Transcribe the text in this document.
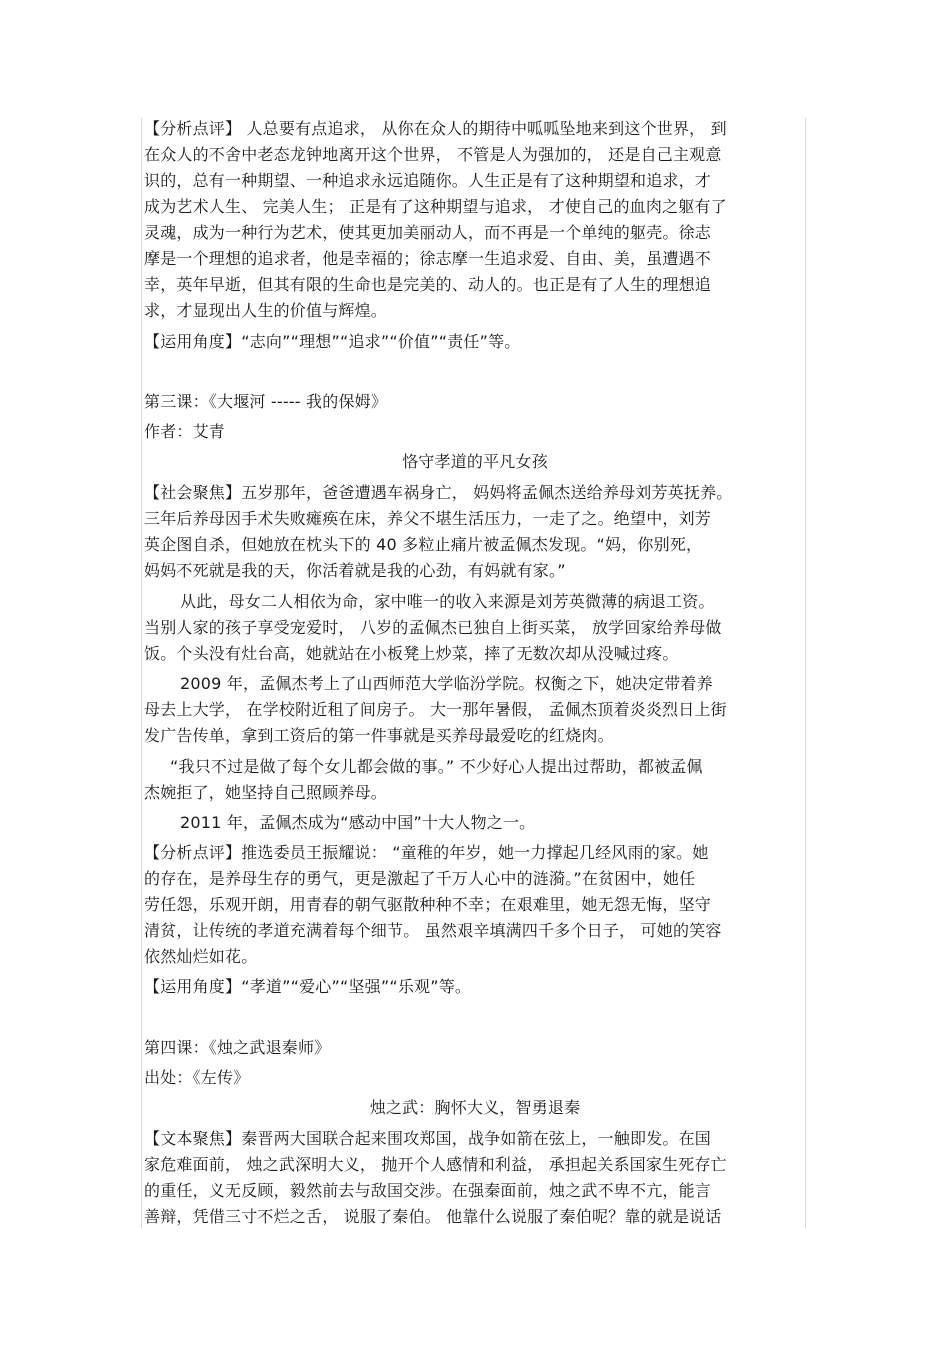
【分析点评】 人总要有点追求， 从你在众人的期待中呱呱坠地来到这个世界， 到
在众人的不舍中老态龙钟地离开这个世界， 不管是人为强加的， 还是自己主观意
识的，总有一种期望、一种追求永远追随你。人生正是有了这种期望和追求，才
成为艺术人生、 完美人生； 正是有了这种期望与追求， 才使自己的血肉之躯有了
灵魂，成为一种行为艺术，使其更加美丽动人，而不再是一个单纯的躯壳。徐志
摩是一个理想的追求者，他是幸福的；徐志摩一生追求爱、自由、美，虽遭遇不
幸，英年早逝，但其有限的生命也是完美的、动人的。也正是有了人生的理想追
求，才显现出人生的价值与辉煌。
【运用角度】“志向”“理想”“追求”“价值”“责任”等。
第三课：《大堰河 ----- 我的保姆》
作者：艾青
恪守孝道的平凡女孩
【社会聚焦】五岁那年，爸爸遭遇车祸身亡， 妈妈将孟佩杰送给养母刘芳英抚养。
三年后养母因手术失败瘫痪在床，养父不堪生活压力，一走了之。绝望中，刘芳
英企图自杀，但她放在枕头下的 40 多粒止痛片被孟佩杰发现。“妈，你别死，
妈妈不死就是我的天，你活着就是我的心劲，有妈就有家。”
从此，母女二人相依为命，家中唯一的收入来源是刘芳英微薄的病退工资。
当别人家的孩子享受宠爱时， 八岁的孟佩杰已独自上街买菜， 放学回家给养母做
饭。个头没有灶台高，她就站在小板凳上炒菜，摔了无数次却从没喊过疼。
2009 年，孟佩杰考上了山西师范大学临汾学院。权衡之下，她决定带着养
母去上大学， 在学校附近租了间房子。 大一那年暑假， 孟佩杰顶着炎炎烈日上街
发广告传单，拿到工资后的第一件事就是买养母最爱吃的红烧肉。
“我只不过是做了每个女儿都会做的事。” 不少好心人提出过帮助，都被孟佩
杰婉拒了，她坚持自己照顾养母。
2011 年，孟佩杰成为“感动中国”十大人物之一。
【分析点评】推选委员王振耀说： “童稚的年岁，她一力撑起几经风雨的家。她
的存在，是养母生存的勇气，更是激起了千万人心中的涟漪。”在贫困中，她任
劳任怨，乐观开朗，用青春的朝气驱散种种不幸；在艰难里，她无怨无悔，坚守
清贫，让传统的孝道充满着每个细节。 虽然艰辛填满四千多个日子， 可她的笑容
依然灿烂如花。
【运用角度】“孝道”“爱心”“坚强”“乐观”等。
第四课：《烛之武退秦师》
出处：《左传》
烛之武：胸怀大义，智勇退秦
【文本聚焦】秦晋两大国联合起来围攻郑国，战争如箭在弦上，一触即发。在国
家危难面前， 烛之武深明大义， 抛开个人感情和利益， 承担起关系国家生死存亡
的重任，义无反顾，毅然前去与敌国交涉。在强秦面前，烛之武不卑不亢，能言
善辩，凭借三寸不烂之舌， 说服了秦伯。 他靠什么说服了秦伯呢？靠的就是说话
